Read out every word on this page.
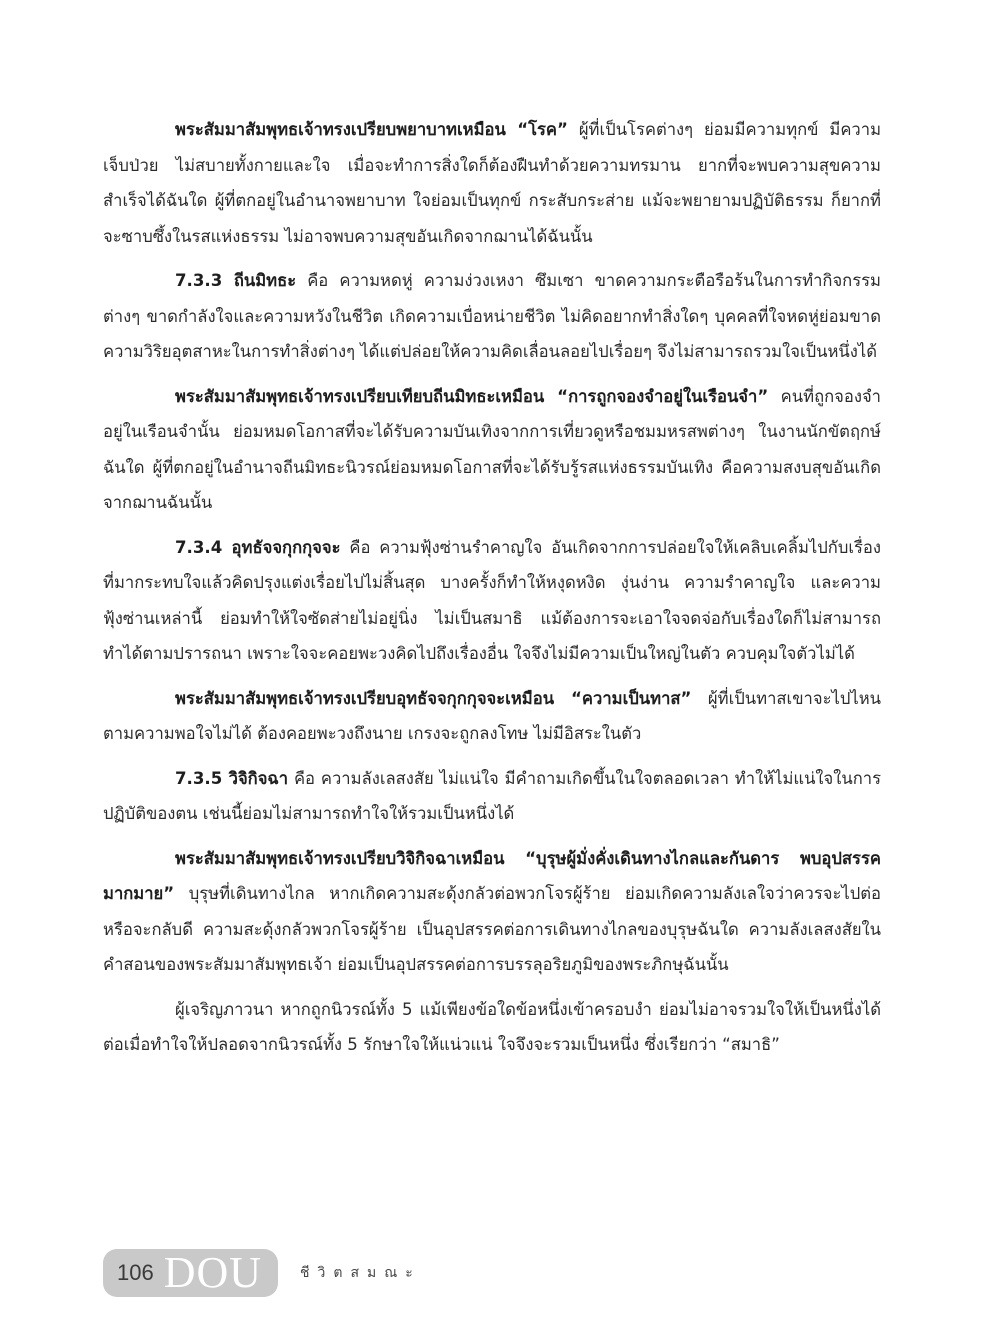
พระสัมมาสัมพุทธเจ้าทรงเปรียบพยาบาทเหมือน “โรค” ผู้ที่เป็นโรคต่างๆ ย่อมมีความทุกข์ มีความเจ็บป่วย ไม่สบายทั้งกายและใจ เมื่อจะทำการสิ่งใดก็ต้องฝืนทำด้วยความทรมาน ยากที่จะพบความสุขความสำเร็จได้ฉันใด ผู้ที่ตกอยู่ในอำนาจพยาบาท ใจย่อมเป็นทุกข์ กระสับกระส่าย แม้จะพยายามปฏิบัติธรรม ก็ยากที่จะซาบซึ้งในรสแห่งธรรม ไม่อาจพบความสุขอันเกิดจากฌานได้ฉันนั้น

7.3.3 ถีนมิทธะ คือ ความหดหู่ ความง่วงเหงา ซึมเซา ขาดความกระตือรือร้นในการทำกิจกรรมต่างๆ ขาดกำลังใจและความหวังในชีวิต เกิดความเบื่อหน่ายชีวิต ไม่คิดอยากทำสิ่งใดๆ บุคคลที่ใจหดหู่ย่อมขาดความวิริยอุตสาหะในการทำสิ่งต่างๆ ได้แต่ปล่อยให้ความคิดเลื่อนลอยไปเรื่อยๆ จึงไม่สามารถรวมใจเป็นหนึ่งได้

พระสัมมาสัมพุทธเจ้าทรงเปรียบเทียบถีนมิทธะเหมือน “การถูกจองจำอยู่ในเรือนจำ” คนที่ถูกจองจำอยู่ในเรือนจำนั้น ย่อมหมดโอกาสที่จะได้รับความบันเทิงจากการเที่ยวดูหรือชมมหรสพต่างๆ ในงานนักขัตฤกษ์ฉันใด ผู้ที่ตกอยู่ในอำนาจถีนมิทธะนิวรณ์ย่อมหมดโอกาสที่จะได้รับรู้รสแห่งธรรมบันเทิง คือความสงบสุขอันเกิดจากฌานฉันนั้น

7.3.4 อุทธัจจกุกกุจจะ คือ ความฟุ้งซ่านรำคาญใจ อันเกิดจากการปล่อยใจให้เคลิบเคลิ้มไปกับเรื่องที่มากระทบใจแล้วคิดปรุงแต่งเรื่อยไปไม่สิ้นสุด บางครั้งก็ทำให้หงุดหงิด งุ่นง่าน ความรำคาญใจ และความฟุ้งซ่านเหล่านี้ ย่อมทำให้ใจซัดส่ายไม่อยู่นิ่ง ไม่เป็นสมาธิ แม้ต้องการจะเอาใจจดจ่อกับเรื่องใดก็ไม่สามารถทำได้ตามปรารถนา เพราะใจจะคอยพะวงคิดไปถึงเรื่องอื่น ใจจึงไม่มีความเป็นใหญ่ในตัว ควบคุมใจตัวไม่ได้

พระสัมมาสัมพุทธเจ้าทรงเปรียบอุทธัจจกุกกุจจะเหมือน “ความเป็นทาส” ผู้ที่เป็นทาสเขาจะไปไหนตามความพอใจไม่ได้ ต้องคอยพะวงถึงนาย เกรงจะถูกลงโทษ ไม่มีอิสระในตัว

7.3.5 วิจิกิจฉา คือ ความลังเลสงสัย ไม่แน่ใจ มีคำถามเกิดขึ้นในใจตลอดเวลา ทำให้ไม่แน่ใจในการปฏิบัติของตน เช่นนี้ย่อมไม่สามารถทำใจให้รวมเป็นหนึ่งได้

พระสัมมาสัมพุทธเจ้าทรงเปรียบวิจิกิจฉาเหมือน “บุรุษผู้มั่งคั่งเดินทางไกลและกันดาร พบอุปสรรคมากมาย” บุรุษที่เดินทางไกล หากเกิดความสะดุ้งกลัวต่อพวกโจรผู้ร้าย ย่อมเกิดความลังเลใจว่าควรจะไปต่อหรือจะกลับดี ความสะดุ้งกลัวพวกโจรผู้ร้าย เป็นอุปสรรคต่อการเดินทางไกลของบุรุษฉันใด ความลังเลสงสัยในคำสอนของพระสัมมาสัมพุทธเจ้า ย่อมเป็นอุปสรรคต่อการบรรลุอริยภูมิของพระภิกษุฉันนั้น

ผู้เจริญภาวนา หากถูกนิวรณ์ทั้ง 5 แม้เพียงข้อใดข้อหนึ่งเข้าครอบงำ ย่อมไม่อาจรวมใจให้เป็นหนึ่งได้ ต่อเมื่อทำใจให้ปลอดจากนิวรณ์ทั้ง 5 รักษาใจให้แน่วแน่ ใจจึงจะรวมเป็นหนึ่ง ซึ่งเรียกว่า “สมาธิ”

106 DOU	ชีวิตสมณะ
